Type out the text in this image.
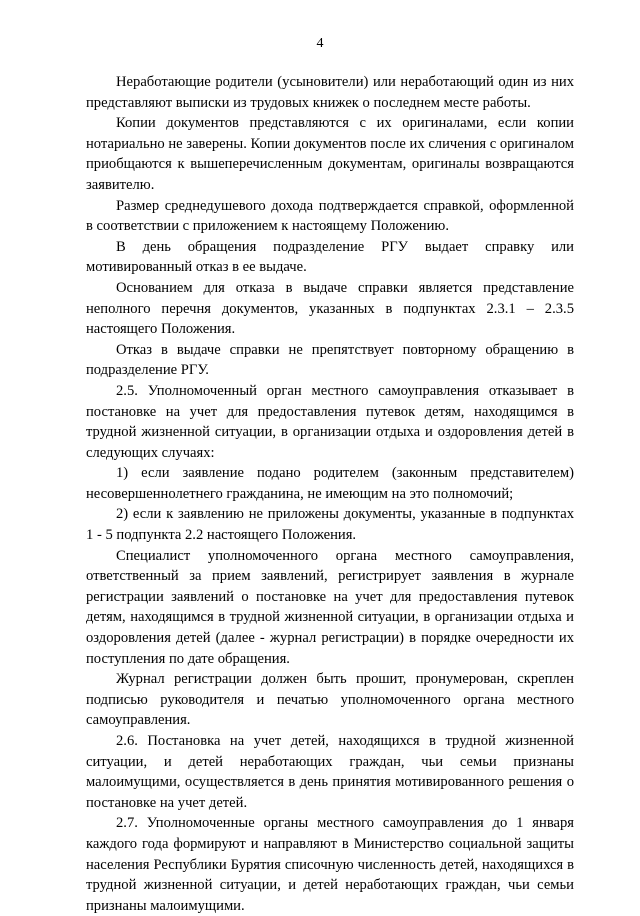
4

Неработающие родители (усыновители) или неработающий один из них представляют выписки из трудовых книжек о последнем месте работы.

Копии документов представляются с их оригиналами, если копии нотариально не заверены. Копии документов после их сличения с оригиналом приобщаются к вышеперечисленным документам, оригиналы возвращаются заявителю.

Размер среднедушевого дохода подтверждается справкой, оформленной в соответствии с приложением к настоящему Положению.

В день обращения подразделение РГУ выдает справку или мотивированный отказ в ее выдаче.

Основанием для отказа в выдаче справки является представление неполного перечня документов, указанных в подпунктах 2.3.1 – 2.3.5 настоящего Положения.

Отказ в выдаче справки не препятствует повторному обращению в подразделение РГУ.

2.5. Уполномоченный орган местного самоуправления отказывает в постановке на учет для предоставления путевок детям, находящимся в трудной жизненной ситуации, в организации отдыха и оздоровления детей в следующих случаях:

1) если заявление подано родителем (законным представителем) несовершеннолетнего гражданина, не имеющим на это полномочий;

2) если к заявлению не приложены документы, указанные в подпунктах 1 - 5 подпункта 2.2 настоящего Положения.

Специалист уполномоченного органа местного самоуправления, ответственный за прием заявлений, регистрирует заявления в журнале регистрации заявлений о постановке на учет для предоставления путевок детям, находящимся в трудной жизненной ситуации, в организации отдыха и оздоровления детей (далее - журнал регистрации) в порядке очередности их поступления по дате обращения.

Журнал регистрации должен быть прошит, пронумерован, скреплен подписью руководителя и печатью уполномоченного органа местного самоуправления.

2.6. Постановка на учет детей, находящихся в трудной жизненной ситуации, и детей неработающих граждан, чьи семьи признаны малоимущими, осуществляется в день принятия мотивированного решения о постановке на учет детей.

2.7. Уполномоченные органы местного самоуправления до 1 января каждого года формируют и направляют в Министерство социальной защиты населения Республики Бурятия списочную численность детей, находящихся в трудной жизненной ситуации, и детей неработающих граждан, чьи семьи признаны малоимущими.
